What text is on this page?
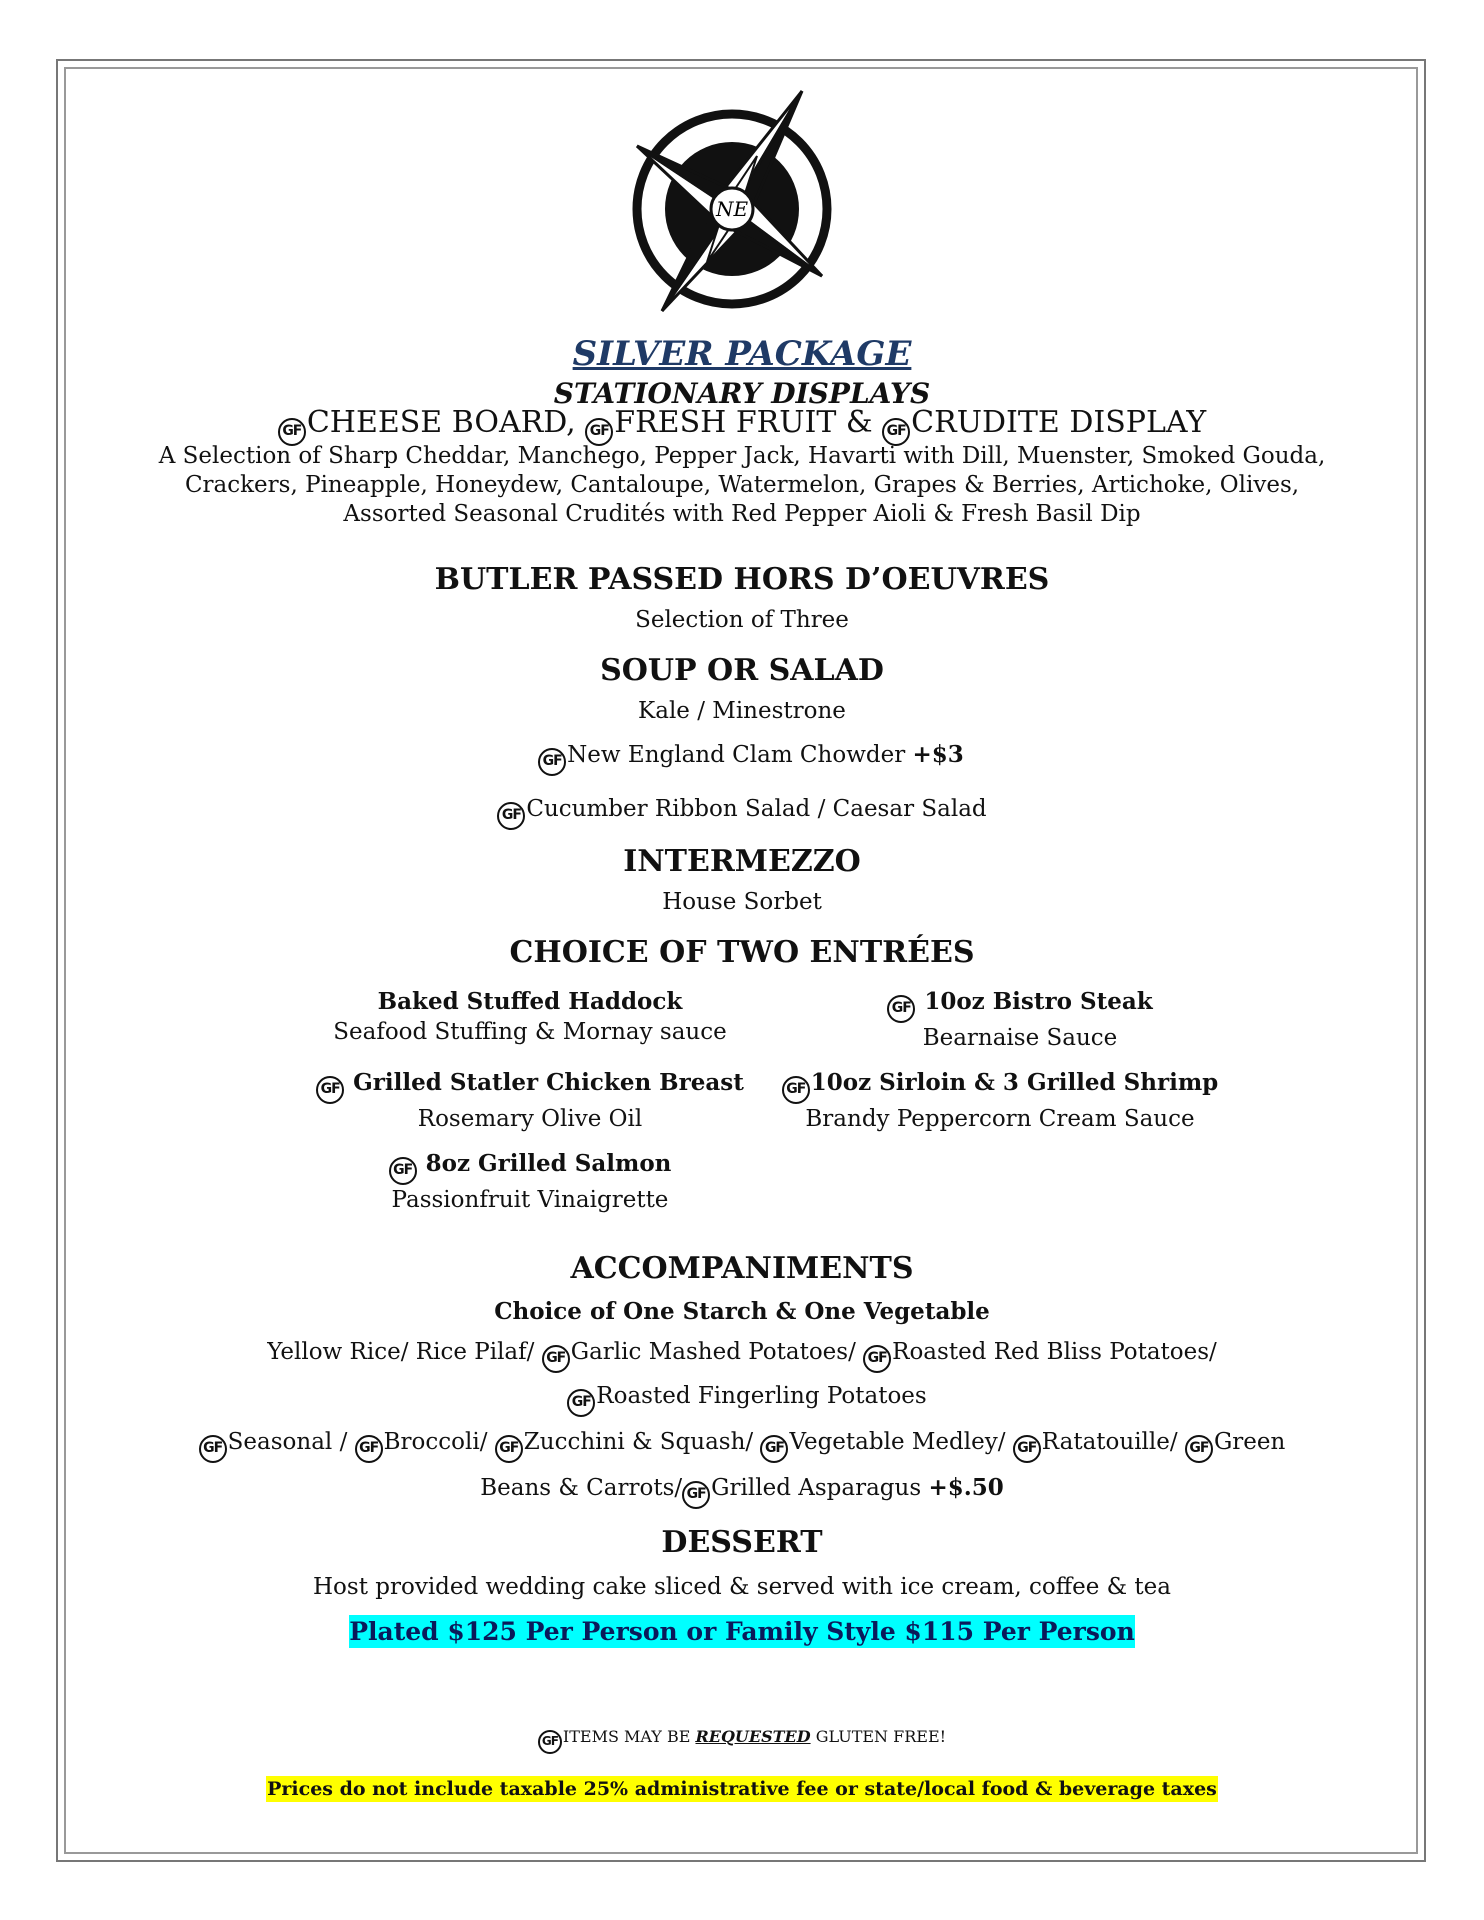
NE
SILVER PACKAGE
STATIONARY DISPLAYS
GF CHEESE BOARD, GF FRESH FRUIT & GF CRUDITE DISPLAY
A Selection of Sharp Cheddar, Manchego, Pepper Jack, Havarti with Dill, Muenster, Smoked Gouda,
Crackers, Pineapple, Honeydew, Cantaloupe, Watermelon, Grapes & Berries, Artichoke, Olives,
Assorted Seasonal Crudités with Red Pepper Aioli & Fresh Basil Dip
BUTLER PASSED HORS D’OEUVRES
Selection of Three
SOUP OR SALAD
Kale / Minestrone
GF New England Clam Chowder +$3
GF Cucumber Ribbon Salad / Caesar Salad
INTERMEZZO
House Sorbet
CHOICE OF TWO ENTRÉES
Baked Stuffed Haddock
Seafood Stuffing & Mornay sauce
GF 10oz Bistro Steak
Bearnaise Sauce
GF Grilled Statler Chicken Breast
Rosemary Olive Oil
GF 10oz Sirloin & 3 Grilled Shrimp
Brandy Peppercorn Cream Sauce
GF 8oz Grilled Salmon
Passionfruit Vinaigrette
ACCOMPANIMENTS
Choice of One Starch & One Vegetable
Yellow Rice/ Rice Pilaf/ GF Garlic Mashed Potatoes/ GF Roasted Red Bliss Potatoes/
GF Roasted Fingerling Potatoes
GF Seasonal / GF Broccoli/ GF Zucchini & Squash/ GF Vegetable Medley/ GF Ratatouille/ GF Green
Beans & Carrots/ GF Grilled Asparagus +$.50
DESSERT
Host provided wedding cake sliced & served with ice cream, coffee & tea
Plated $125 Per Person or Family Style $115 Per Person
GF ITEMS MAY BE REQUESTED GLUTEN FREE!
Prices do not include taxable 25% administrative fee or state/local food & beverage taxes
